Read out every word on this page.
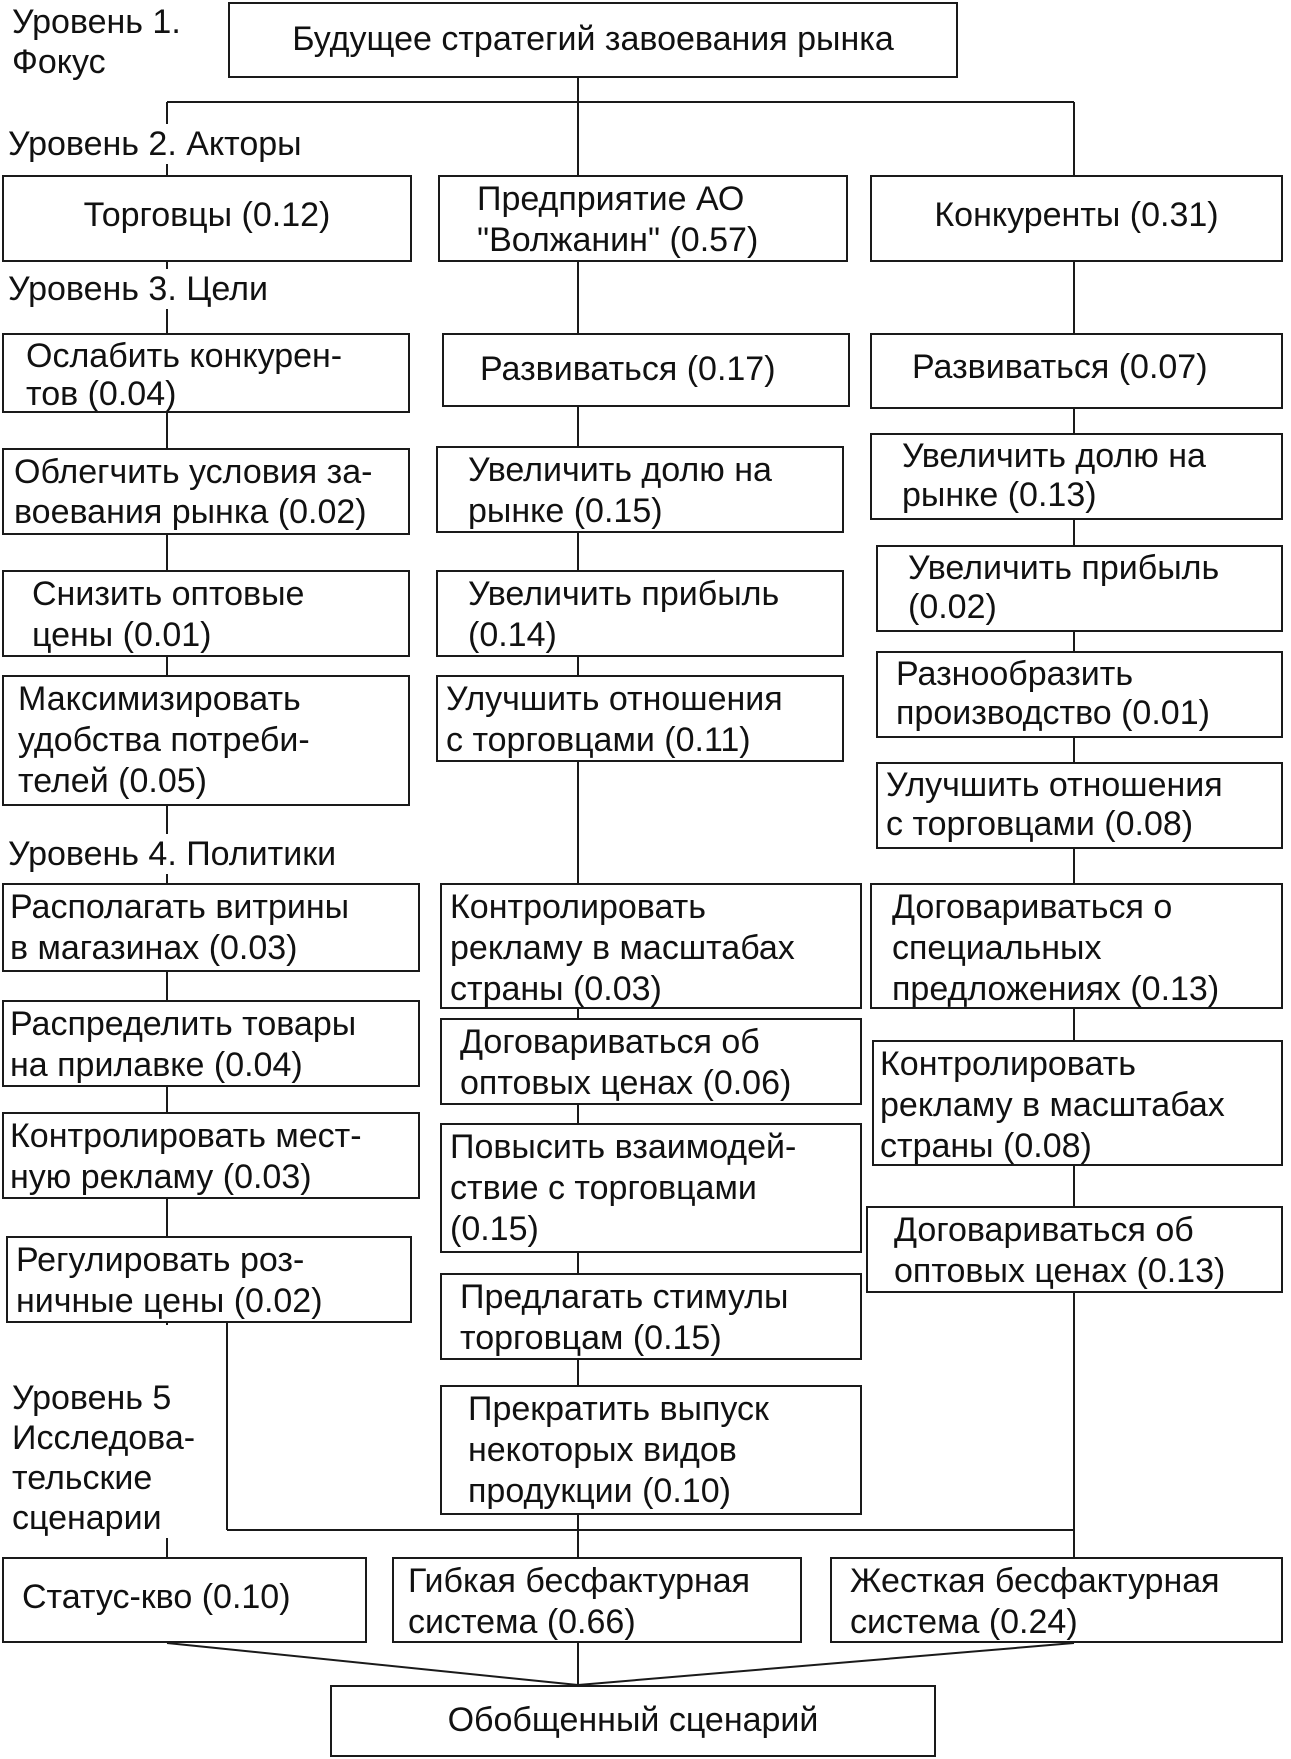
Уровень 1.
Фокус
Будущее стратегий завоевания рынка
Уровень 2. Акторы
Торговцы (0.12)	Предприятие АО
"Волжанин" (0.57)
Конкуренты (0.31)
Уровень 3. Цели
Ослабить конкурен-
тов (0.04)
Облегчить условия за-
воевания рынка (0.02)
Снизить оптовые
цены (0.01)
Максимизировать
удобства потреби-
телей (0.05)
Развиваться (0.17)
Увеличить долю на
рынке (0.15)
Увеличить прибыль
(0.14)
Улучшить отношения
с торговцами (0.11)
Развиваться (0.07)
Увеличить долю на
рынке (0.13)
Увеличить прибыль
(0.02)
Разнообразить
производство (0.01)
Улучшить отношения
с торговцами (0.08)
Уровень 4. Политики
Располагать витрины
в магазинах (0.03)
Распределить товары
на прилавке (0.04)
Контролировать мест-
ную рекламу (0.03)
Регулировать роз-
ничные цены (0.02)
Контролировать
рекламу в масштабах
страны (0.03)
Договариваться об
оптовых ценах (0.06)
Повысить взаимодей-
ствие с торговцами
(0.15)
Предлагать стимулы
торговцам (0.15)
Прекратить выпуск
некоторых видов
продукции (0.10)
Договариваться о
специальных
предложениях (0.13)
Контролировать
рекламу в масштабах
страны (0.08)
Договариваться об
оптовых ценах (0.13)
Уровень 5
Исследова-
тельские
сценарии
Статус-кво (0.10)	Гибкая бесфактурная
система (0.66)
Жесткая бесфактурная
система (0.24)
Обобщенный сценарий
